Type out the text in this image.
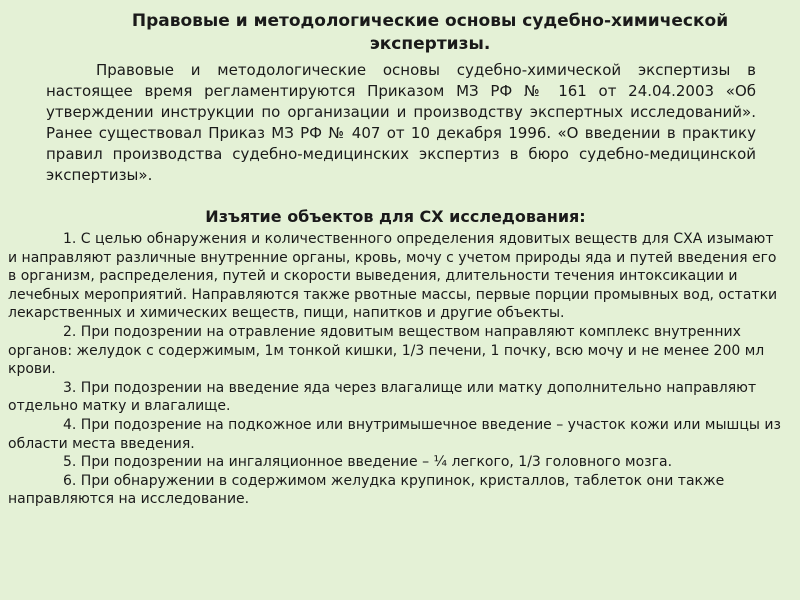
Правовые и методологические основы судебно-химической экспертизы.

Правовые и методологические основы судебно-химической экспертизы в настоящее время регламентируются Приказом МЗ РФ № 161 от 24.04.2003 «Об утверждении инструкции по организации и производству экспертных исследований». Ранее существовал Приказ МЗ РФ № 407 от 10 декабря 1996. «О введении в практику правил производства судебно-медицинских экспертиз в бюро судебно-медицинской экспертизы».

Изъятие объектов для СХ исследования:

1. С целью обнаружения и количественного определения ядовитых веществ для СХА изымают и направляют различные внутренние органы, кровь, мочу с учетом природы яда и путей введения его в организм, распределения, путей и скорости выведения, длительности течения интоксикации и лечебных мероприятий. Направляются также рвотные массы, первые порции промывных вод, остатки лекарственных и химических веществ, пищи, напитков и другие объекты.

2. При подозрении на отравление ядовитым веществом направляют комплекс внутренних органов: желудок с содержимым, 1м тонкой кишки, 1/3 печени, 1 почку, всю мочу и не менее 200 мл крови.

3. При подозрении на введение яда через влагалище или матку дополнительно направляют отдельно матку и влагалище.

4. При подозрение на подкожное или внутримышечное введение – участок кожи или мышцы из области места введения.

5. При подозрении на ингаляционное введение – ¼ легкого, 1/3 головного мозга.

6. При обнаружении в содержимом желудка крупинок, кристаллов, таблеток они также направляются на исследование.
